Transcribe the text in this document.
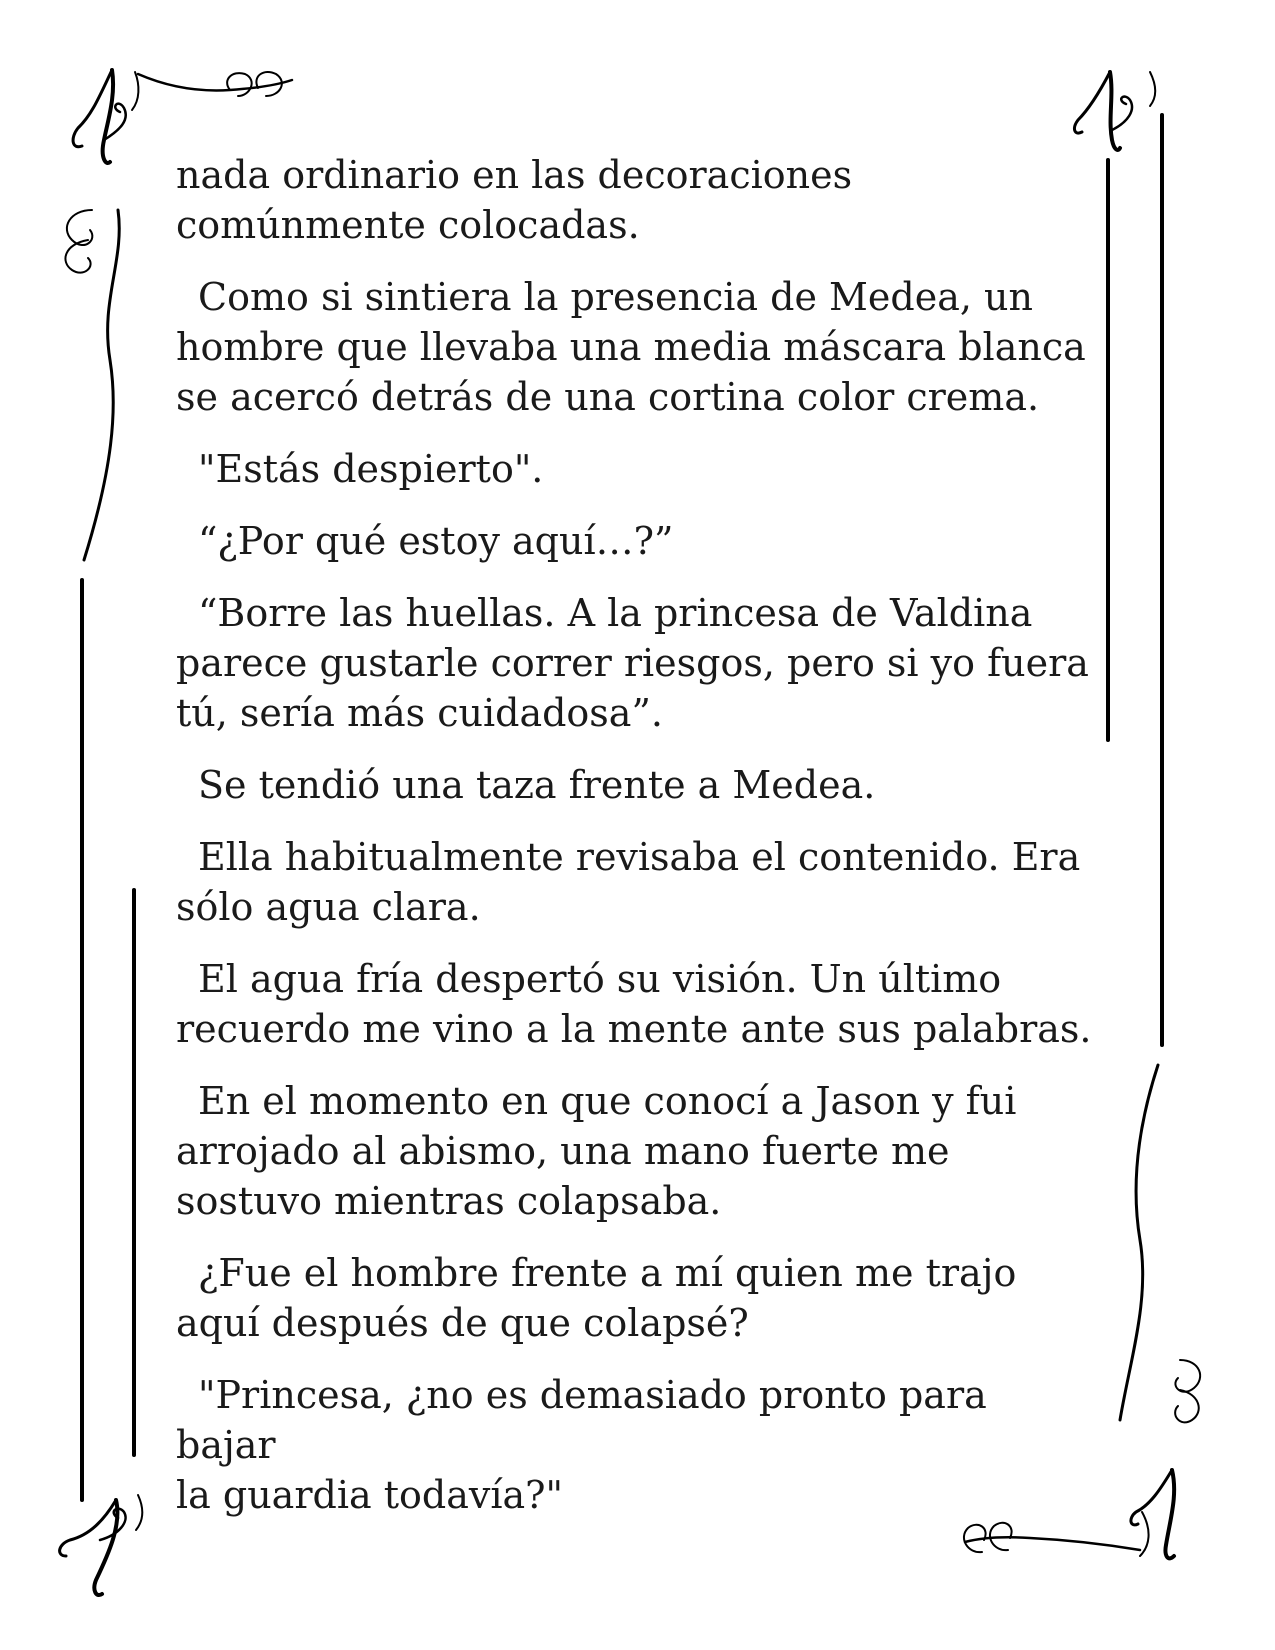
nada ordinario en las decoraciones
comúnmente colocadas.

Como si sintiera la presencia de Medea, un
hombre que llevaba una media máscara blanca
se acercó detrás de una cortina color crema.

"Estás despierto".

“¿Por qué estoy aquí…?”

“Borre las huellas. A la princesa de Valdina
parece gustarle correr riesgos, pero si yo fuera
tú, sería más cuidadosa”.

Se tendió una taza frente a Medea.

Ella habitualmente revisaba el contenido. Era
sólo agua clara.

El agua fría despertó su visión. Un último
recuerdo me vino a la mente ante sus palabras.

En el momento en que conocí a Jason y fui
arrojado al abismo, una mano fuerte me
sostuvo mientras colapsaba.

¿Fue el hombre frente a mí quien me trajo
aquí después de que colapsé?

"Princesa, ¿no es demasiado pronto para bajar
la guardia todavía?"
